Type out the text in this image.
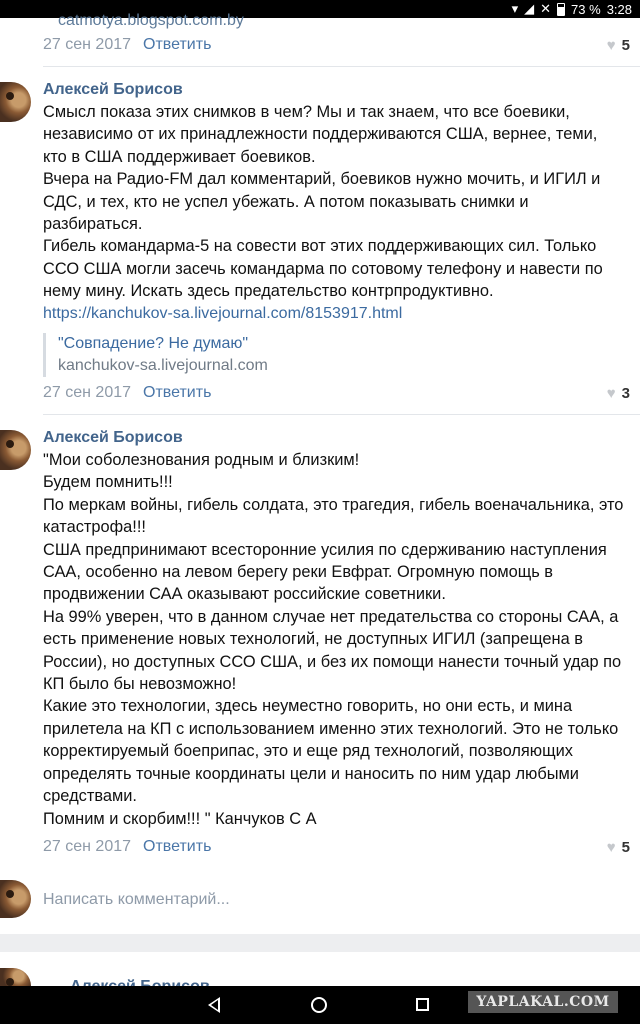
▾ ◢ ✕ 73 % 3:28
catmotya.blogspot.com.by
27 сен 2017 Ответить	♥ 5
Алексей Борисов

Смысл показа этих снимков в чем? Мы и так знаем, что все боевики,

независимо от их принадлежности поддерживаются США, вернее, теми,

кто в США поддерживает боевиков.

Вчера на Радио-FM дал комментарий, боевиков нужно мочить, и ИГИЛ и

СДС, и тех, кто не успел убежать. А потом показывать снимки и

разбираться.

Гибель командарма-5 на совести вот этих поддерживающих сил. Только

ССО США могли засечь командарма по сотовому телефону и навести по

нему мину. Искать здесь предательство контрпродуктивно.

https://kanchukov-sa.livejournal.com/8153917.html
"Совпадение? Не думаю"
kanchukov-sa.livejournal.com
27 сен 2017 Ответить	♥ 3
Алексей Борисов

"Мои соболезнования родным и близким!

Будем помнить!!!

По меркам войны, гибель солдата, это трагедия, гибель военачальника, это

катастрофа!!!

США предпринимают всесторонние усилия по сдерживанию наступления

САА, особенно на левом берегу реки Евфрат. Огромную помощь в

продвижении САА оказывают российские советники.

На 99% уверен, что в данном случае нет предательства со стороны САА, а

есть применение новых технологий, не доступных ИГИЛ (запрещена в

России), но доступных ССО США, и без их помощи нанести точный удар по

КП было бы невозможно!

Какие это технологии, здесь неуместно говорить, но они есть, и мина

прилетела на КП с использованием именно этих технологий. Это не только

корректируемый боеприпас, это и еще ряд технологий, позволяющих

определять точные координаты цели и наносить по ним удар любыми

средствами.

Помним и скорбим!!! " Канчуков С А

27 сен 2017 Ответить	♥ 5
Написать комментарий...
YAPLAKAL.COM
